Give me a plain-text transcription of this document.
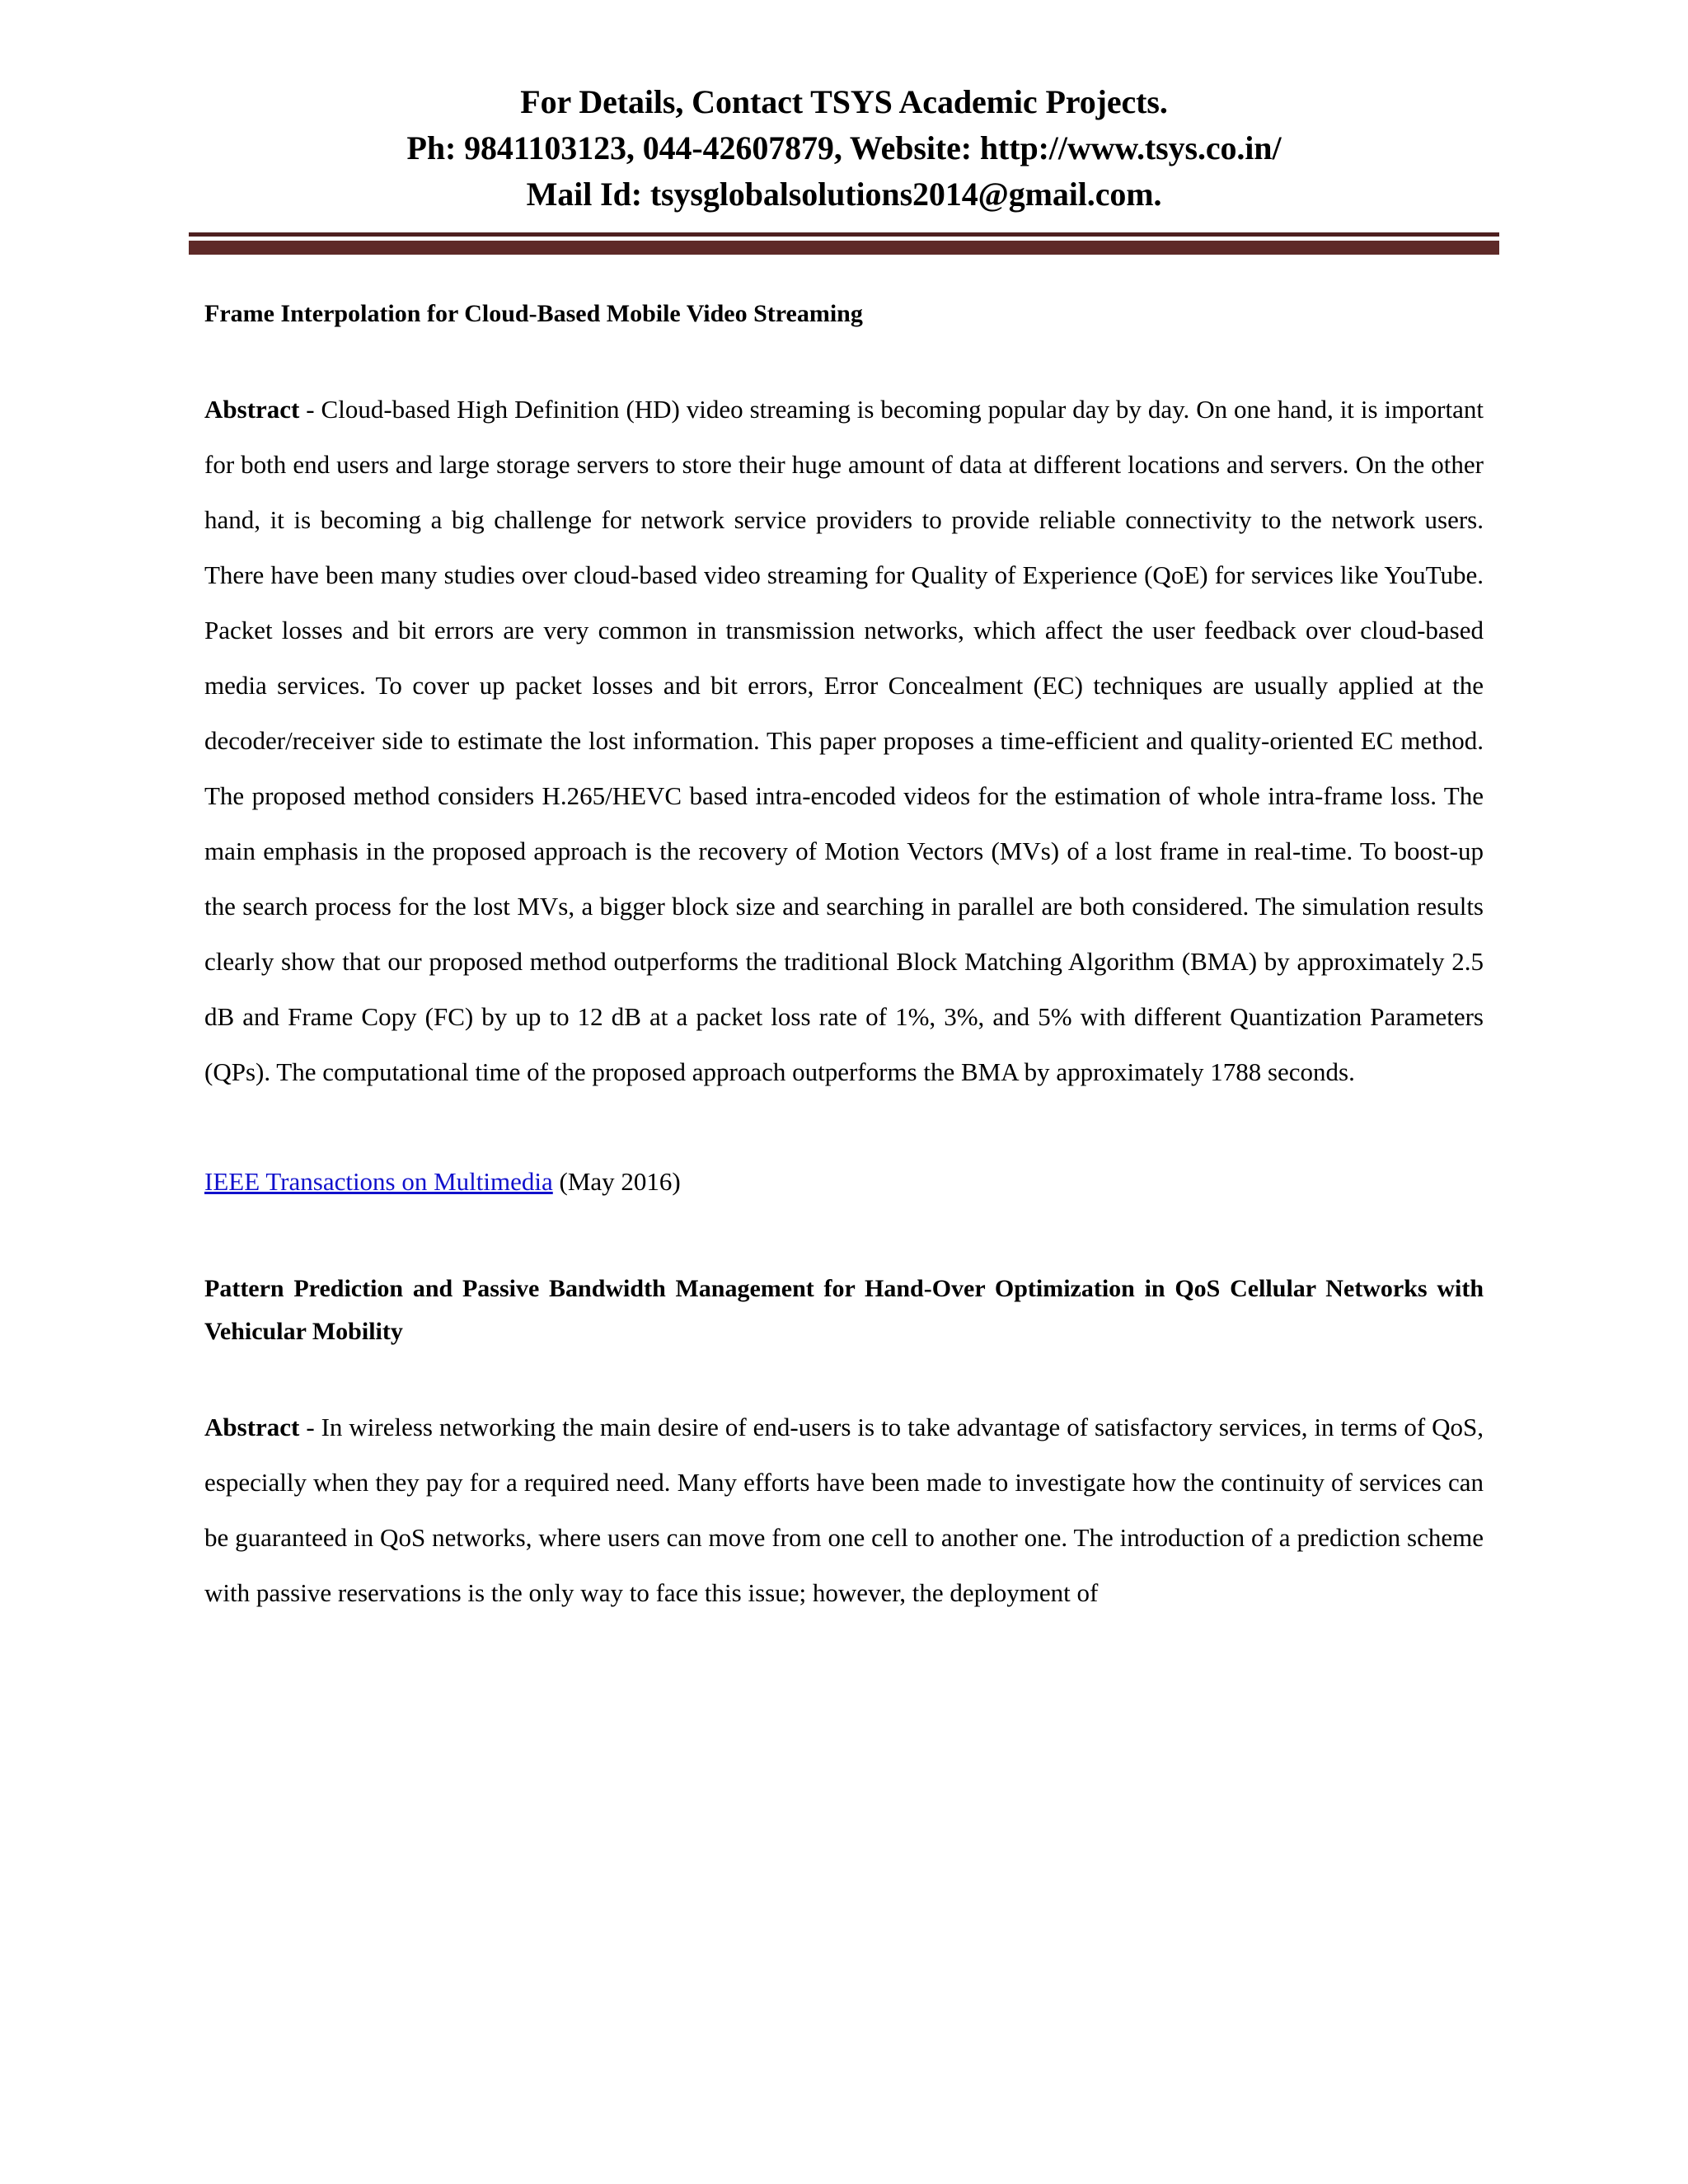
For Details, Contact TSYS Academic Projects.
Ph: 9841103123, 044-42607879, Website: http://www.tsys.co.in/
Mail Id: tsysglobalsolutions2014@gmail.com.
Frame Interpolation for Cloud-Based Mobile Video Streaming

Abstract - Cloud-based High Definition (HD) video streaming is becoming popular day by day. On one hand, it is important for both end users and large storage servers to store their huge amount of data at different locations and servers. On the other hand, it is becoming a big challenge for network service providers to provide reliable connectivity to the network users. There have been many studies over cloud-based video streaming for Quality of Experience (QoE) for services like YouTube. Packet losses and bit errors are very common in transmission networks, which affect the user feedback over cloud-based media services. To cover up packet losses and bit errors, Error Concealment (EC) techniques are usually applied at the decoder/receiver side to estimate the lost information. This paper proposes a time-efficient and quality-oriented EC method. The proposed method considers H.265/HEVC based intra-encoded videos for the estimation of whole intra-frame loss. The main emphasis in the proposed approach is the recovery of Motion Vectors (MVs) of a lost frame in real-time. To boost-up the search process for the lost MVs, a bigger block size and searching in parallel are both considered. The simulation results clearly show that our proposed method outperforms the traditional Block Matching Algorithm (BMA) by approximately 2.5 dB and Frame Copy (FC) by up to 12 dB at a packet loss rate of 1%, 3%, and 5% with different Quantization Parameters (QPs). The computational time of the proposed approach outperforms the BMA by approximately 1788 seconds.

IEEE Transactions on Multimedia (May 2016)

Pattern Prediction and Passive Bandwidth Management for Hand-Over Optimization in QoS Cellular Networks with Vehicular Mobility

Abstract - In wireless networking the main desire of end-users is to take advantage of satisfactory services, in terms of QoS, especially when they pay for a required need. Many efforts have been made to investigate how the continuity of services can be guaranteed in QoS networks, where users can move from one cell to another one. The introduction of a prediction scheme with passive reservations is the only way to face this issue; however, the deployment of
